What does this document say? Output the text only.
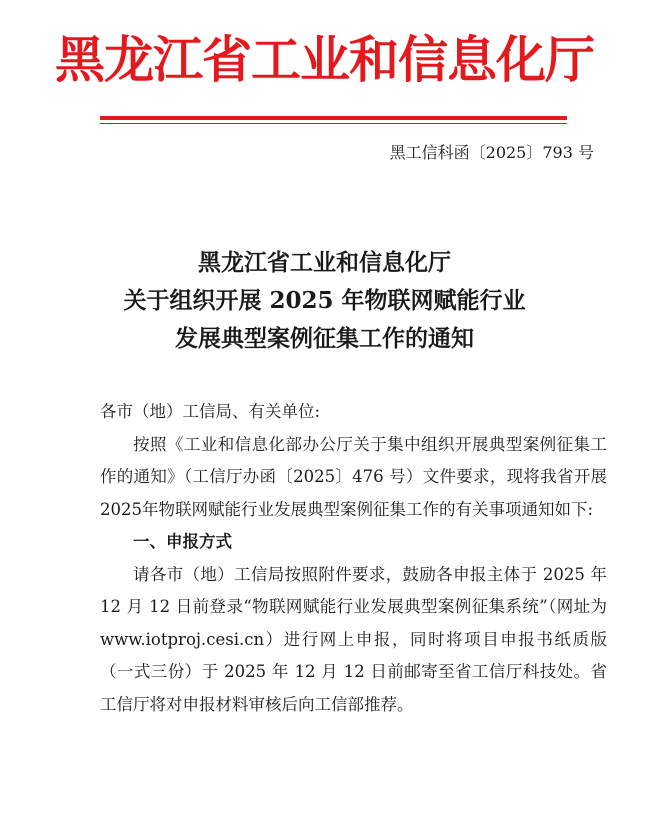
黑龙江省工业和信息化厅
黑工信科函〔2025〕793 号
黑龙江省工业和信息化厅
关于组织开展 2025 年物联网赋能行业
发展典型案例征集工作的通知

各市（地）工信局、有关单位:

按照《工业和信息化部办公厅关于集中组织开展典型案例征集工作的通知》（工信厅办函〔2025〕476 号）文件要求，现将我省开展2025年物联网赋能行业发展典型案例征集工作的有关事项通知如下:

一、申报方式

请各市（地）工信局按照附件要求，鼓励各申报主体于 2025 年 12 月 12 日前登录“物联网赋能行业发展典型案例征集系统”（网址为 www.iotproj.cesi.cn）进行网上申报，同时将项目申报书纸质版（一式三份）于 2025 年 12 月 12 日前邮寄至省工信厅科技处。省工信厅将对申报材料审核后向工信部推荐。
